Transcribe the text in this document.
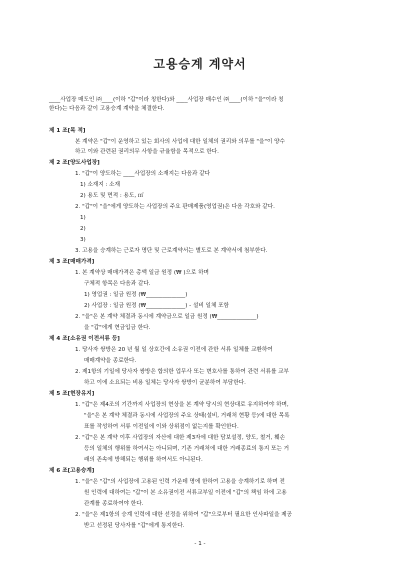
고용승계 계약서
____사업장 매도인 ㈜____(이하 "갑"이라 칭한다)와 ____사업장 매수인 ㈜____(이하 "을"이라 칭
한다)는 다음과 같이 고용승계 계약을 체결한다.
제 1 조[목 적]
본 계약은 "갑"이 운영하고 있는 회사의 사업에 대한 일체의 권리와 의무를 "을"이 양수
하고 이와 관련된 권리의무 사항을 규율함을 목적으로 한다.
제 2 조[양도사업장]
1. "갑"이 양도하는 ____사업장의 소재지는 다음과 같다
1) 소재지 : 소재
2) 용도 및 면적 : 용도, ㎡
2. "갑"이 "을"에게 양도하는 사업장의 주요 판매제품(영업권)은 다음 각호와 같다.
1)
2)
3)
3. 고용을 승계하는 근로자 명단 및 근로계약서는 별도로 본 계약서에 첨부한다.
제 3 조[매매가격]
1. 본 계약상 매매가격은 총액 일금 원정 (₩ )으로 하며
구체적 항목은 다음과 같다.
1) 영업권 : 일금 원정 (₩______________)
2) 사업장 : 일금 원정 (₩______________) - 설비 일체 포함
2. "을"은 본 계약 체결과 동시에 계약금으로 일금 원정 (₩______________)
을 "갑"에게 현금입금 한다.
제 4 조[소유권 이전서류 등]
1. 당사자 쌍방은 20 년 월 일 상호간에 소유권 이전에 관한 서류 일체를 교환하여
매매계약을 종료한다.
2. 제1항의 기일에 당사자 쌍방은 합의한 업무사 또는 변호사를 통하여 관련 서류를 교부
하고 이에 소요되는 비용 일체는 당사자 쌍방이 균분하여 부담한다.
제 5 조[현장유지]
1. "갑"은 제4조의 기간까지 사업장의 현상을 본 계약 당시의 현상대로 유지하여야 하며,
"을"은 본 계약 체결과 동시에 사업장의 주요 상태(설비, 거래처 현황 등)에 대한 목록
표를 작성하여 서류 이전일에 이와 상위점이 없는지를 확인한다.
2. "갑"은 본 계약 이후 사업장의 자산에 대한 제3자에 대한 담보설정, 양도, 철거, 훼손
등의 일체의 행위를 하여서는 아니되며, 기존 거래처에 대한 거래종료의 통지 또는 거
래의 존속에 방해되는 행위를 하여서도 아니된다.
제 6 조[고용승계]
1. "을"은 "갑"의 사업장에 고용된 인력 가운데 명에 한하여 고용을 승계하기로 하며 전
원 인력에 대하여는 "갑"이 본 소유권이전 서류교부일 이전에 "갑"의 책임 하에 고용
관계를 종료하여야 한다.
2. "을"은 제1항의 승계 인력에 대한 선정을 위하여 "갑"으로부터 필요한 인사파일을 제공
받고 선정된 당사자를 "갑"에게 통지한다.
- 1 -
